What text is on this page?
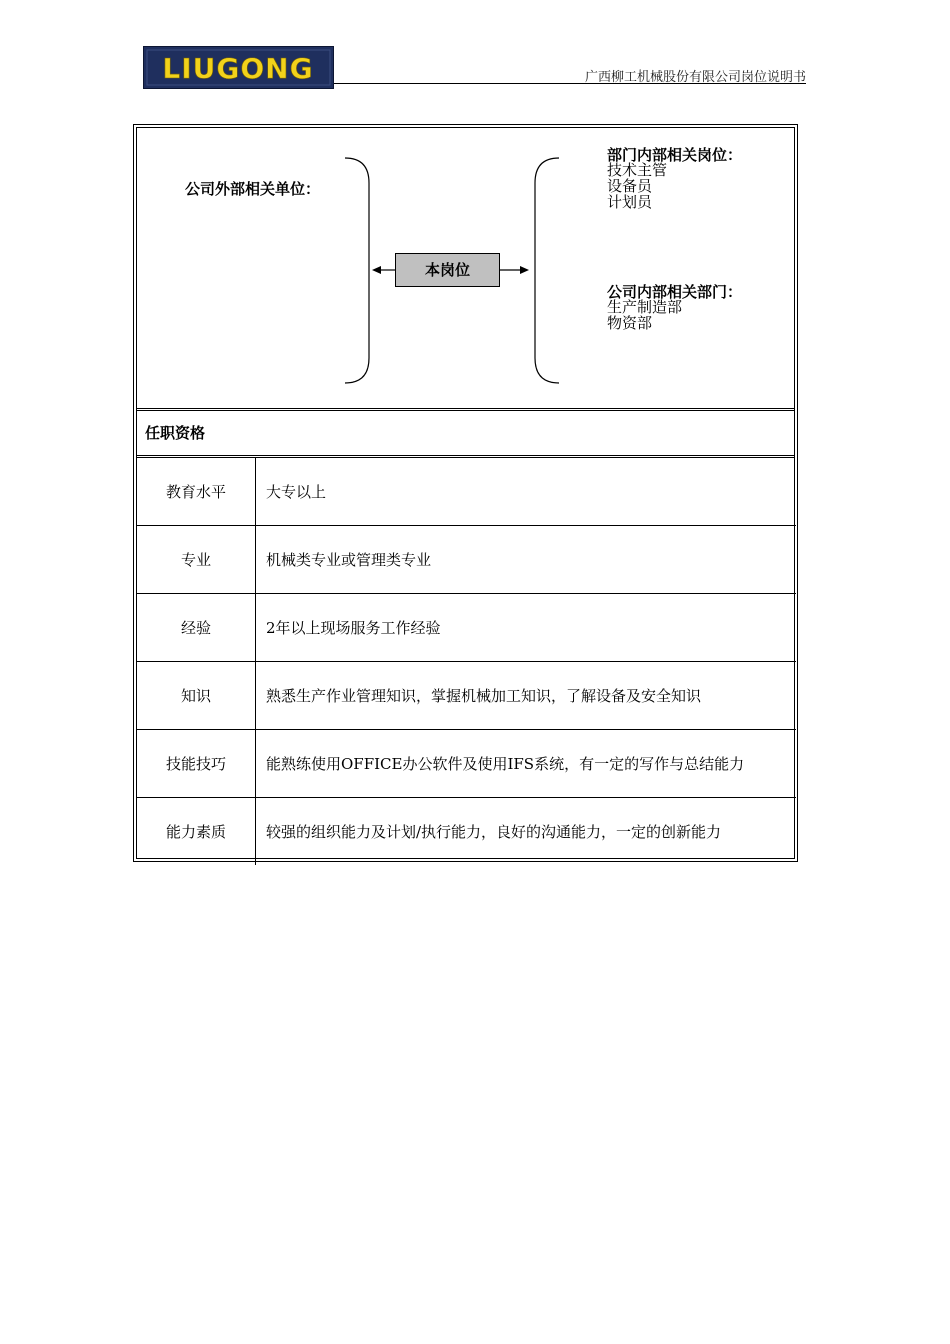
LIUGONG	广西柳工机械股份有限公司岗位说明书
公司外部相关单位：
本岗位
部门内部相关岗位：
技术主管
设备员
计划员
公司内部相关部门：
生产制造部
物资部
任职资格
教育水平	大专以上
专业	机械类专业或管理类专业
经验	2年以上现场服务工作经验
知识	熟悉生产作业管理知识，掌握机械加工知识，了解设备及安全知识
技能技巧	能熟练使用OFFICE办公软件及使用IFS系统，有一定的写作与总结能力
能力素质	较强的组织能力及计划/执行能力，良好的沟通能力，一定的创新能力
